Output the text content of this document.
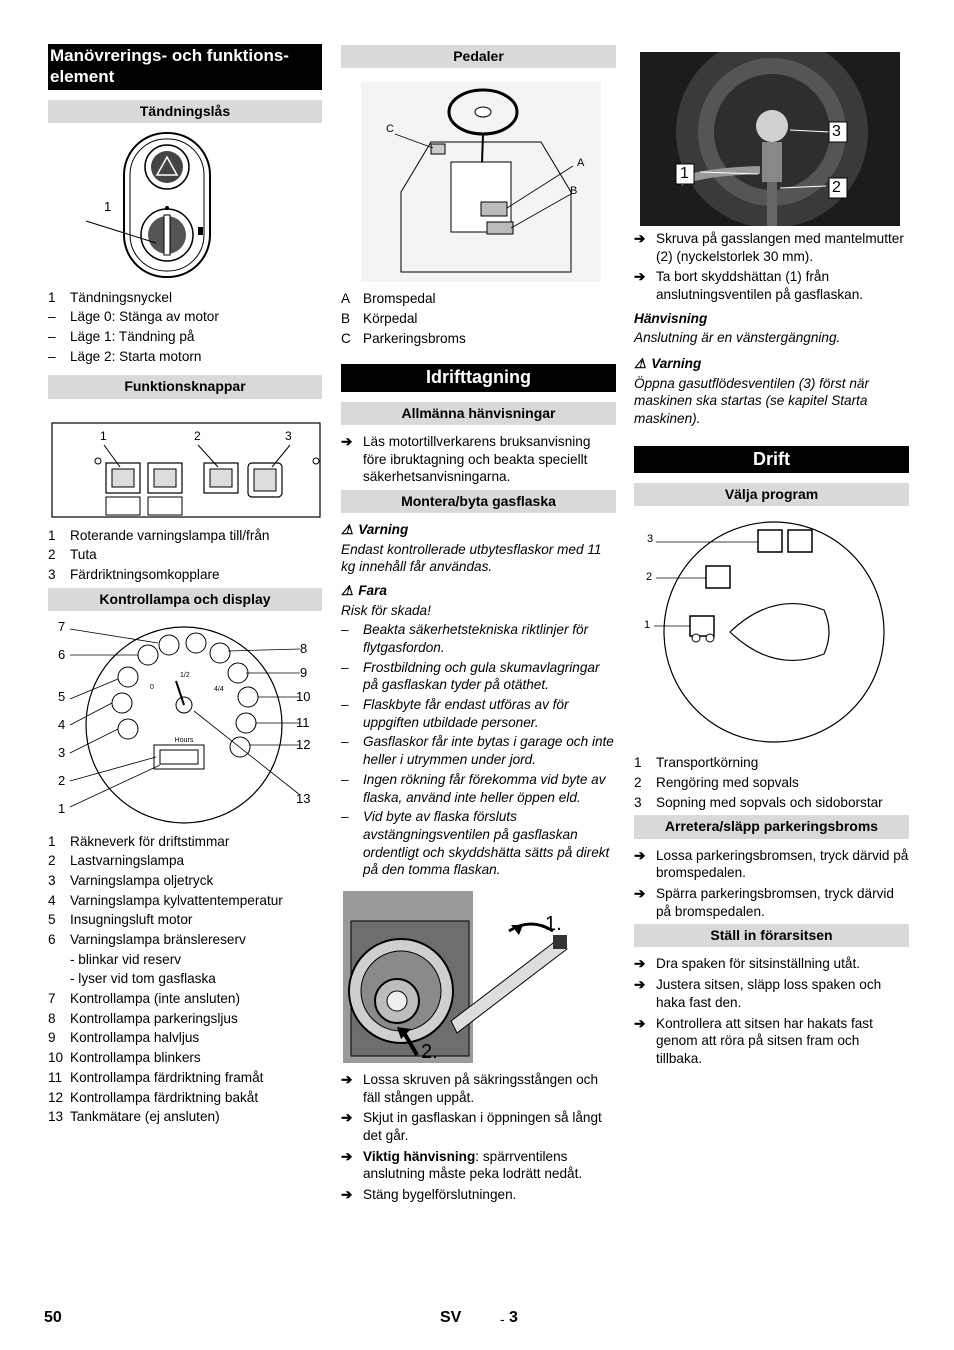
Manövrerings- och funktions-element
Tändningslås
1
1	Tändningsnyckel
–	Läge 0: Stänga av motor
–	Läge 1: Tändning på
–	Läge 2: Starta motorn
Funktionsknappar
1	2	3
1	Roterande varningslampa till/från
2	Tuta
3	Färdriktningsomkopplare
Kontrollampa och display
Hours
0
1/2
4/4
7
6
5
4
3
2
1
8
9
10
11
12
13
1	Räkneverk för driftstimmar
2	Lastvarningslampa
3	Varningslampa oljetryck
4	Varningslampa kylvattentemperatur
5	Insugningsluft motor
6	Varningslampa bränslereserv
- blinkar vid reserv
- lyser vid tom gasflaska
7	Kontrollampa (inte ansluten)
8	Kontrollampa parkeringsljus
9	Kontrollampa halvljus
10 Kontrollampa blinkers
11 Kontrollampa färdriktning framåt
12 Kontrollampa färdriktning bakåt
13 Tankmätare (ej ansluten)
Pedaler
C
A
B
A Bromspedal
B Körpedal
C Parkeringsbroms
Idrifttagning
Allmänna hänvisningar
➔ Läs motortillverkarens bruksanvisning före ibruktagning och beakta speciellt säkerhetsanvisningarna.
Montera/byta gasflaska
⚠ Varning
Endast kontrollerade utbytesflaskor med 11 kg innehåll får användas.
⚠ Fara
Risk för skada!
–	Beakta säkerhetstekniska riktlinjer för flytgasfordon.
–	Frostbildning och gula skumavlagringar på gasflaskan tyder på otäthet.
–	Flaskbyte får endast utföras av för uppgiften utbildade personer.
–	Gasflaskor får inte bytas i garage och inte heller i utrymmen under jord.
–	Ingen rökning får förekomma vid byte av flaska, använd inte heller öppen eld.
–	Vid byte av flaska försluts avstängningsventilen på gasflaskan ordentligt och skyddshätta sätts på direkt på den tomma flaskan.
1.
2.
➔ Lossa skruven på säkringsstången och fäll stången uppåt.
➔ Skjut in gasflaskan i öppningen så långt det går.
➔ Viktig hänvisning: spärrventilens anslutning måste peka lodrätt nedåt.
➔ Stäng bygelförslutningen.
3
1
2
➔ Skruva på gasslangen med mantelmutter (2) (nyckelstorlek 30 mm).
➔ Ta bort skyddshättan (1) från anslutningsventilen på gasflaskan.
Hänvisning
Anslutning är en vänstergängning.
⚠ Varning
Öppna gasutflödesventilen (3) först när maskinen ska startas (se kapitel Starta maskinen).
Drift
Välja program
3
2
1
1	Transportkörning
2	Rengöring med sopvals
3	Sopning med sopvals och sidoborstar
Arretera/släpp parkeringsbroms
➔ Lossa parkeringsbromsen, tryck därvid på bromspedalen.
➔ Spärra parkeringsbromsen, tryck därvid på bromspedalen.
Ställ in förarsitsen
➔ Dra spaken för sitsinställning utåt.
➔ Justera sitsen, släpp loss spaken och haka fast den.
➔ Kontrollera att sitsen har hakats fast genom att röra på sitsen fram och tillbaka.
50	SV	- 3
